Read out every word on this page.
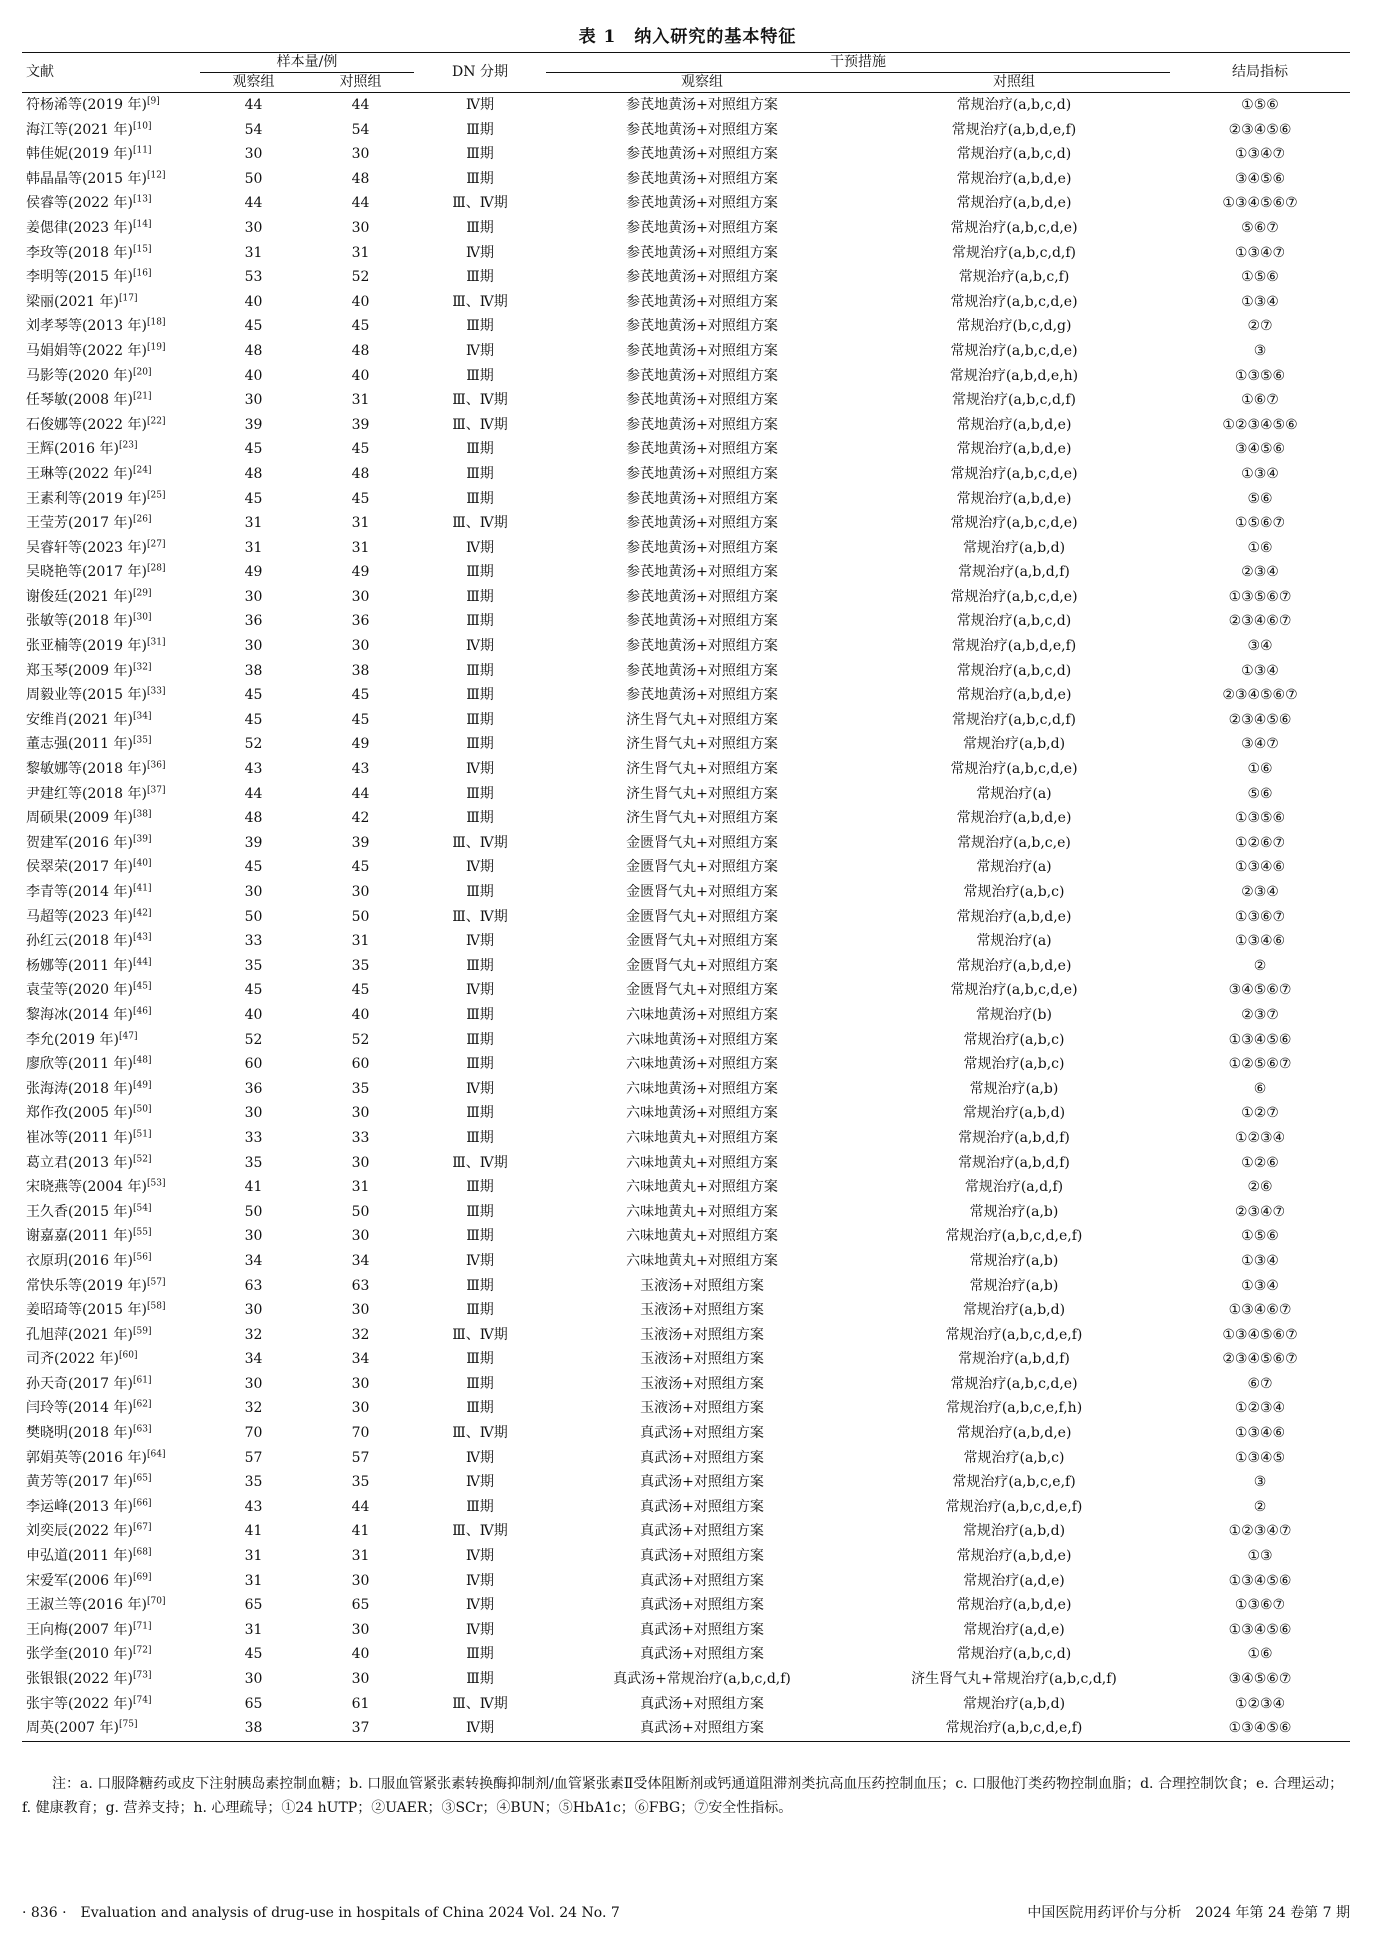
表 1　纳入研究的基本特征
文献	样本量/例		DN 分期	干预措施		结局指标
	观察组	对照组		观察组	对照组	
符杨浠等(2019 年)[9]	44	44	Ⅳ期	参芪地黄汤+对照组方案	常规治疗(a,b,c,d)	①⑤⑥
海江等(2021 年)[10]	54	54	Ⅲ期	参芪地黄汤+对照组方案	常规治疗(a,b,d,e,f)	②③④⑤⑥
韩佳妮(2019 年)[11]	30	30	Ⅲ期	参芪地黄汤+对照组方案	常规治疗(a,b,c,d)	①③④⑦
韩晶晶等(2015 年)[12]	50	48	Ⅲ期	参芪地黄汤+对照组方案	常规治疗(a,b,d,e)	③④⑤⑥
侯睿等(2022 年)[13]	44	44	Ⅲ、Ⅳ期	参芪地黄汤+对照组方案	常规治疗(a,b,d,e)	①③④⑤⑥⑦
姜偲律(2023 年)[14]	30	30	Ⅲ期	参芪地黄汤+对照组方案	常规治疗(a,b,c,d,e)	⑤⑥⑦
李玫等(2018 年)[15]	31	31	Ⅳ期	参芪地黄汤+对照组方案	常规治疗(a,b,c,d,f)	①③④⑦
李明等(2015 年)[16]	53	52	Ⅲ期	参芪地黄汤+对照组方案	常规治疗(a,b,c,f)	①⑤⑥
梁丽(2021 年)[17]	40	40	Ⅲ、Ⅳ期	参芪地黄汤+对照组方案	常规治疗(a,b,c,d,e)	①③④
刘孝琴等(2013 年)[18]	45	45	Ⅲ期	参芪地黄汤+对照组方案	常规治疗(b,c,d,g)	②⑦
马娟娟等(2022 年)[19]	48	48	Ⅳ期	参芪地黄汤+对照组方案	常规治疗(a,b,c,d,e)	③
马影等(2020 年)[20]	40	40	Ⅲ期	参芪地黄汤+对照组方案	常规治疗(a,b,d,e,h)	①③⑤⑥
任琴敏(2008 年)[21]	30	31	Ⅲ、Ⅳ期	参芪地黄汤+对照组方案	常规治疗(a,b,c,d,f)	①⑥⑦
石俊娜等(2022 年)[22]	39	39	Ⅲ、Ⅳ期	参芪地黄汤+对照组方案	常规治疗(a,b,d,e)	①②③④⑤⑥
王辉(2016 年)[23]	45	45	Ⅲ期	参芪地黄汤+对照组方案	常规治疗(a,b,d,e)	③④⑤⑥
王琳等(2022 年)[24]	48	48	Ⅲ期	参芪地黄汤+对照组方案	常规治疗(a,b,c,d,e)	①③④
王素利等(2019 年)[25]	45	45	Ⅲ期	参芪地黄汤+对照组方案	常规治疗(a,b,d,e)	⑤⑥
王莹芳(2017 年)[26]	31	31	Ⅲ、Ⅳ期	参芪地黄汤+对照组方案	常规治疗(a,b,c,d,e)	①⑤⑥⑦
吴睿轩等(2023 年)[27]	31	31	Ⅳ期	参芪地黄汤+对照组方案	常规治疗(a,b,d)	①⑥
吴晓艳等(2017 年)[28]	49	49	Ⅲ期	参芪地黄汤+对照组方案	常规治疗(a,b,d,f)	②③④
谢俊廷(2021 年)[29]	30	30	Ⅲ期	参芪地黄汤+对照组方案	常规治疗(a,b,c,d,e)	①③⑤⑥⑦
张敏等(2018 年)[30]	36	36	Ⅲ期	参芪地黄汤+对照组方案	常规治疗(a,b,c,d)	②③④⑥⑦
张亚楠等(2019 年)[31]	30	30	Ⅳ期	参芪地黄汤+对照组方案	常规治疗(a,b,d,e,f)	③④
郑玉琴(2009 年)[32]	38	38	Ⅲ期	参芪地黄汤+对照组方案	常规治疗(a,b,c,d)	①③④
周毅业等(2015 年)[33]	45	45	Ⅲ期	参芪地黄汤+对照组方案	常规治疗(a,b,d,e)	②③④⑤⑥⑦
安维肖(2021 年)[34]	45	45	Ⅲ期	济生肾气丸+对照组方案	常规治疗(a,b,c,d,f)	②③④⑤⑥
董志强(2011 年)[35]	52	49	Ⅲ期	济生肾气丸+对照组方案	常规治疗(a,b,d)	③④⑦
黎敏娜等(2018 年)[36]	43	43	Ⅳ期	济生肾气丸+对照组方案	常规治疗(a,b,c,d,e)	①⑥
尹建红等(2018 年)[37]	44	44	Ⅲ期	济生肾气丸+对照组方案	常规治疗(a)	⑤⑥
周硕果(2009 年)[38]	48	42	Ⅲ期	济生肾气丸+对照组方案	常规治疗(a,b,d,e)	①③⑤⑥
贺建军(2016 年)[39]	39	39	Ⅲ、Ⅳ期	金匮肾气丸+对照组方案	常规治疗(a,b,c,e)	①②⑥⑦
侯翠荣(2017 年)[40]	45	45	Ⅳ期	金匮肾气丸+对照组方案	常规治疗(a)	①③④⑥
李青等(2014 年)[41]	30	30	Ⅲ期	金匮肾气丸+对照组方案	常规治疗(a,b,c)	②③④
马超等(2023 年)[42]	50	50	Ⅲ、Ⅳ期	金匮肾气丸+对照组方案	常规治疗(a,b,d,e)	①③⑥⑦
孙红云(2018 年)[43]	33	31	Ⅳ期	金匮肾气丸+对照组方案	常规治疗(a)	①③④⑥
杨娜等(2011 年)[44]	35	35	Ⅲ期	金匮肾气丸+对照组方案	常规治疗(a,b,d,e)	②
袁莹等(2020 年)[45]	45	45	Ⅳ期	金匮肾气丸+对照组方案	常规治疗(a,b,c,d,e)	③④⑤⑥⑦
黎海冰(2014 年)[46]	40	40	Ⅲ期	六味地黄汤+对照组方案	常规治疗(b)	②③⑦
李允(2019 年)[47]	52	52	Ⅲ期	六味地黄汤+对照组方案	常规治疗(a,b,c)	①③④⑤⑥
廖欣等(2011 年)[48]	60	60	Ⅲ期	六味地黄汤+对照组方案	常规治疗(a,b,c)	①②⑤⑥⑦
张海涛(2018 年)[49]	36	35	Ⅳ期	六味地黄汤+对照组方案	常规治疗(a,b)	⑥
郑作孜(2005 年)[50]	30	30	Ⅲ期	六味地黄汤+对照组方案	常规治疗(a,b,d)	①②⑦
崔冰等(2011 年)[51]	33	33	Ⅲ期	六味地黄丸+对照组方案	常规治疗(a,b,d,f)	①②③④
葛立君(2013 年)[52]	35	30	Ⅲ、Ⅳ期	六味地黄丸+对照组方案	常规治疗(a,b,d,f)	①②⑥
宋晓燕等(2004 年)[53]	41	31	Ⅲ期	六味地黄丸+对照组方案	常规治疗(a,d,f)	②⑥
王久香(2015 年)[54]	50	50	Ⅲ期	六味地黄丸+对照组方案	常规治疗(a,b)	②③④⑦
谢嘉嘉(2011 年)[55]	30	30	Ⅲ期	六味地黄丸+对照组方案	常规治疗(a,b,c,d,e,f)	①⑤⑥
衣原玥(2016 年)[56]	34	34	Ⅳ期	六味地黄丸+对照组方案	常规治疗(a,b)	①③④
常快乐等(2019 年)[57]	63	63	Ⅲ期	玉液汤+对照组方案	常规治疗(a,b)	①③④
姜昭琦等(2015 年)[58]	30	30	Ⅲ期	玉液汤+对照组方案	常规治疗(a,b,d)	①③④⑥⑦
孔旭萍(2021 年)[59]	32	32	Ⅲ、Ⅳ期	玉液汤+对照组方案	常规治疗(a,b,c,d,e,f)	①③④⑤⑥⑦
司齐(2022 年)[60]	34	34	Ⅲ期	玉液汤+对照组方案	常规治疗(a,b,d,f)	②③④⑤⑥⑦
孙天奇(2017 年)[61]	30	30	Ⅲ期	玉液汤+对照组方案	常规治疗(a,b,c,d,e)	⑥⑦
闫玲等(2014 年)[62]	32	30	Ⅲ期	玉液汤+对照组方案	常规治疗(a,b,c,e,f,h)	①②③④
樊晓明(2018 年)[63]	70	70	Ⅲ、Ⅳ期	真武汤+对照组方案	常规治疗(a,b,d,e)	①③④⑥
郭娟英等(2016 年)[64]	57	57	Ⅳ期	真武汤+对照组方案	常规治疗(a,b,c)	①③④⑤
黄芳等(2017 年)[65]	35	35	Ⅳ期	真武汤+对照组方案	常规治疗(a,b,c,e,f)	③
李运峰(2013 年)[66]	43	44	Ⅲ期	真武汤+对照组方案	常规治疗(a,b,c,d,e,f)	②
刘奕辰(2022 年)[67]	41	41	Ⅲ、Ⅳ期	真武汤+对照组方案	常规治疗(a,b,d)	①②③④⑦
申弘道(2011 年)[68]	31	31	Ⅳ期	真武汤+对照组方案	常规治疗(a,b,d,e)	①③
宋爱军(2006 年)[69]	31	30	Ⅳ期	真武汤+对照组方案	常规治疗(a,d,e)	①③④⑤⑥
王淑兰等(2016 年)[70]	65	65	Ⅳ期	真武汤+对照组方案	常规治疗(a,b,d,e)	①③⑥⑦
王向梅(2007 年)[71]	31	30	Ⅳ期	真武汤+对照组方案	常规治疗(a,d,e)	①③④⑤⑥
张学奎(2010 年)[72]	45	40	Ⅲ期	真武汤+对照组方案	常规治疗(a,b,c,d)	①⑥
张银银(2022 年)[73]	30	30	Ⅲ期	真武汤+常规治疗(a,b,c,d,f)	济生肾气丸+常规治疗(a,b,c,d,f)	③④⑤⑥⑦
张宇等(2022 年)[74]	65	61	Ⅲ、Ⅳ期	真武汤+对照组方案	常规治疗(a,b,d)	①②③④
周英(2007 年)[75]	38	37	Ⅳ期	真武汤+对照组方案	常规治疗(a,b,c,d,e,f)	①③④⑤⑥
注：a. 口服降糖药或皮下注射胰岛素控制血糖；b. 口服血管紧张素转换酶抑制剂/血管紧张素Ⅱ受体阻断剂或钙通道阻滞剂类抗高血压药控制血压；c. 口服他汀类药物控制血脂；d. 合理控制饮食；e. 合理运动；f. 健康教育；g. 营养支持；h. 心理疏导；①24 hUTP；②UAER；③SCr；④BUN；⑤HbA1c；⑥FBG；⑦安全性指标。
· 836 ·　Evaluation and analysis of drug-use in hospitals of China 2024 Vol. 24 No. 7	中国医院用药评价与分析　2024 年第 24 卷第 7 期
